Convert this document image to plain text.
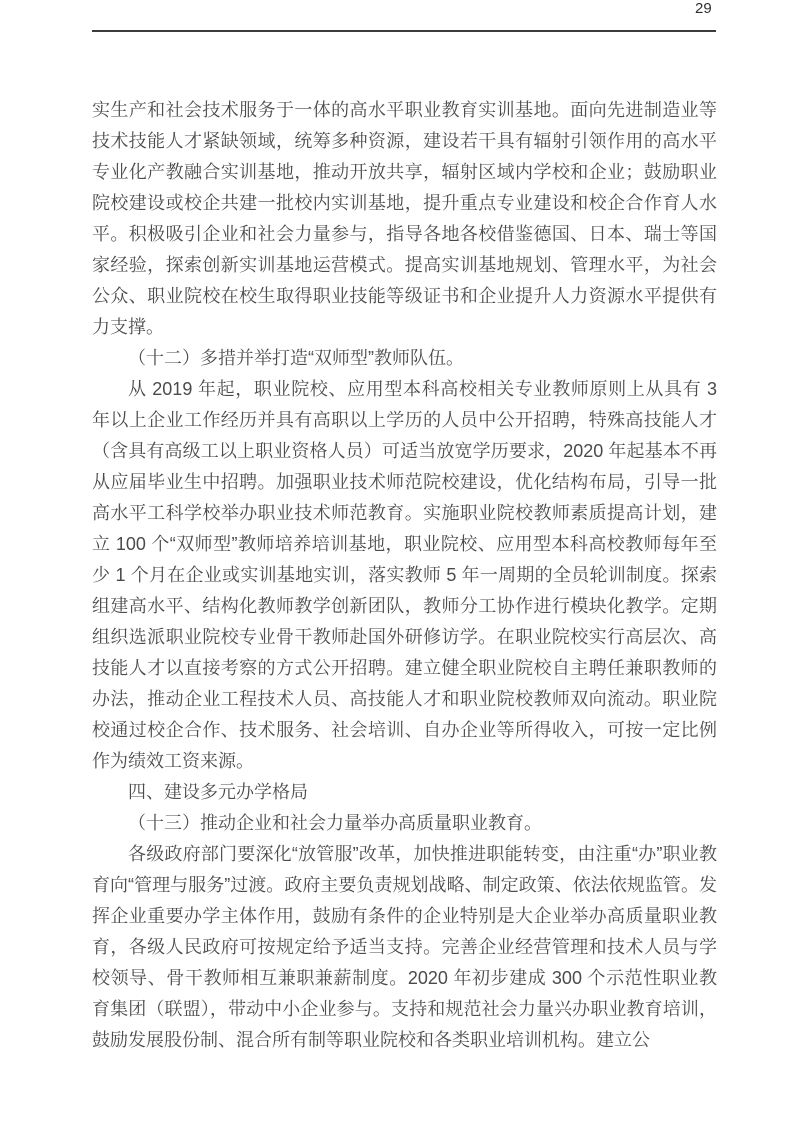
29

实生产和社会技术服务于一体的高水平职业教育实训基地。面向先进制造业等技术技能人才紧缺领域，统筹多种资源，建设若干具有辐射引领作用的高水平专业化产教融合实训基地，推动开放共享，辐射区域内学校和企业；鼓励职业院校建设或校企共建一批校内实训基地，提升重点专业建设和校企合作育人水平。积极吸引企业和社会力量参与，指导各地各校借鉴德国、日本、瑞士等国家经验，探索创新实训基地运营模式。提高实训基地规划、管理水平，为社会公众、职业院校在校生取得职业技能等级证书和企业提升人力资源水平提供有力支撑。

（十二）多措并举打造“双师型”教师队伍。

从 2019 年起，职业院校、应用型本科高校相关专业教师原则上从具有 3 年以上企业工作经历并具有高职以上学历的人员中公开招聘，特殊高技能人才（含具有高级工以上职业资格人员）可适当放宽学历要求，2020 年起基本不再从应届毕业生中招聘。加强职业技术师范院校建设，优化结构布局，引导一批高水平工科学校举办职业技术师范教育。实施职业院校教师素质提高计划，建立 100 个“双师型”教师培养培训基地，职业院校、应用型本科高校教师每年至少 1 个月在企业或实训基地实训，落实教师 5 年一周期的全员轮训制度。探索组建高水平、结构化教师教学创新团队，教师分工协作进行模块化教学。定期组织选派职业院校专业骨干教师赴国外研修访学。在职业院校实行高层次、高技能人才以直接考察的方式公开招聘。建立健全职业院校自主聘任兼职教师的办法，推动企业工程技术人员、高技能人才和职业院校教师双向流动。职业院校通过校企合作、技术服务、社会培训、自办企业等所得收入，可按一定比例作为绩效工资来源。

四、建设多元办学格局

（十三）推动企业和社会力量举办高质量职业教育。

各级政府部门要深化“放管服”改革，加快推进职能转变，由注重“办”职业教育向“管理与服务”过渡。政府主要负责规划战略、制定政策、依法依规监管。发挥企业重要办学主体作用，鼓励有条件的企业特别是大企业举办高质量职业教育，各级人民政府可按规定给予适当支持。完善企业经营管理和技术人员与学校领导、骨干教师相互兼职兼薪制度。2020 年初步建成 300 个示范性职业教育集团（联盟），带动中小企业参与。支持和规范社会力量兴办职业教育培训，鼓励发展股份制、混合所有制等职业院校和各类职业培训机构。建立公
